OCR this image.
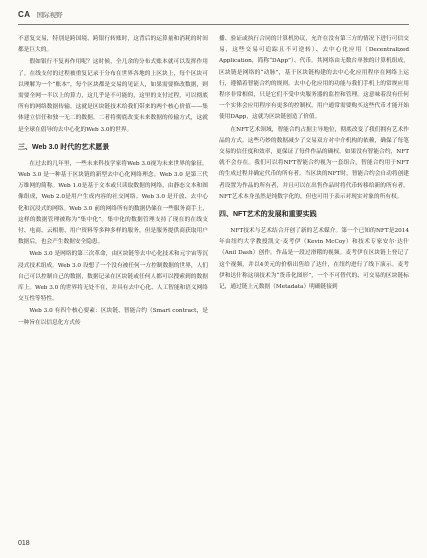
CA 国际视野

不意复交易，特别是跨国境、跨银行转账时，这背后的运算量和消耗的时间都是巨大的。

假如银行不复再作用呢？这时候，全几余的分布式账本就可以发挥作用了。在线支付的过程被重复记录于分布在世界各地的上区块上，每个区块可以理解为一个“账本”，每个区块都是交易的见证人，如果需要修改数据，则需要全网一半以上的算力，这几乎是不可能的，这里的支付过程，可以彻底所有的网络数据传输。这就是区块链技术给我们带来的两个核心价值——集体建立信任和独一无二的数据。二者将彻底改变未来数据的传输方式，这就是全球在倡导的去中心化的Web 3.0的世界。

三、Web 3.0 时代的艺术愿景

在过去的几年里，一些未来科技学家将Web 3.0视为未来世界的象征。Web 3.0 是一种基于区块链的新型去中心化网络理念。Web 3.0 是第三代万维网的简称。Web 1.0是基于文本或只读取数据的网络，由静态文本和图像组成，Web 2.0是用户生成内容的社交网络。Web 3.0 是开放、去中心化和沉浸式的网络。Web 3.0 前的网络所有的数据仍储在一些服务商手上，这样的数据管理被称为“集中化”。集中化的数据管理支持了现在的在线支付、电商、云相册、用户资料等多种多样的服务，但是服务提供商获取用户数据后，也会产生数据安全隐患。

Web 3.0 是网络的第三次革命，由区块链等去中心化技术和元宇宙等沉浸式技术组成。Web 3.0 设想了一个没有被任何一方控制数据的世界，人们自己可以控制自己的数据，数据记录在区块链或任何人都可以搜索到的数据库上。Web 3.0 的世界将无处不在，并具有去中心化、人工智能和语义网络交互性等特性。

Web 3.0 有四个核心要素：区块链、智能合约（Smart contract，是一种旨在以信息化方式传

播、验证或执行合同的计算机协议，允许在没有第三方的情况下进行可信交易，这些交易可追踪且不可逆转）、去中心化应用（Decentralized Application，简称“DApp”）、代币。其网络由无数台单独的计算机组成，区块链是网络的“动脉”，基于区块链构建的去中心化应用程序在网络上运行，遵循着智能合约的规则。去中心化应用的功能与我们手机上的常规应用程序非常相似，只是它们不受中央服务器的监控和管理。这意味着没有任何一个实体会应用程序有更多的控制权，用户通常需要购买这些代币才能开始使用DApp，这就为区块链创造了价值。

在NFT艺术领域，智能合约占据主导地位，彻底改变了我们拥有艺术作品的方式。这些巧妙的数据减少了交易双方对中介机构的依赖，确保了每笔交易的信任度和效率，更保证了每件作品的确权。如果没有智能合约，NFT就不会存在。我们可以将NFT智能合约视为一套组合，智能合约用于NFT的生成过程并确定代币的所有者。当区块的NFT时，智能合约会自动将创建者设置为作品的所有者，并且可以在出售作品时将代币转移给新的所有者。NFT艺术本身虽然是纯数字化的，但也可用于表示对现实对象的所有权。

四、NFT艺术的发展和重要实践

NFT技术与艺术结合开创了新的艺术媒介。第一个已知的NFT是2014年由纽约大学教授凯文·麦考伊（Kevin McCoy）和技术专家安尔·达什（Anil Dash）创作。作品是一段过滑稽的视频。麦考伊在区块链上登记了这个视频，并以4美元的价格出售给了达什，在纽约进行了线下演示。麦考伊和达什称这项技术为“货币化图形”，一个不可替代的、可交易的区块链标记，通过链上元数据（Metadata）明确链接到

018
